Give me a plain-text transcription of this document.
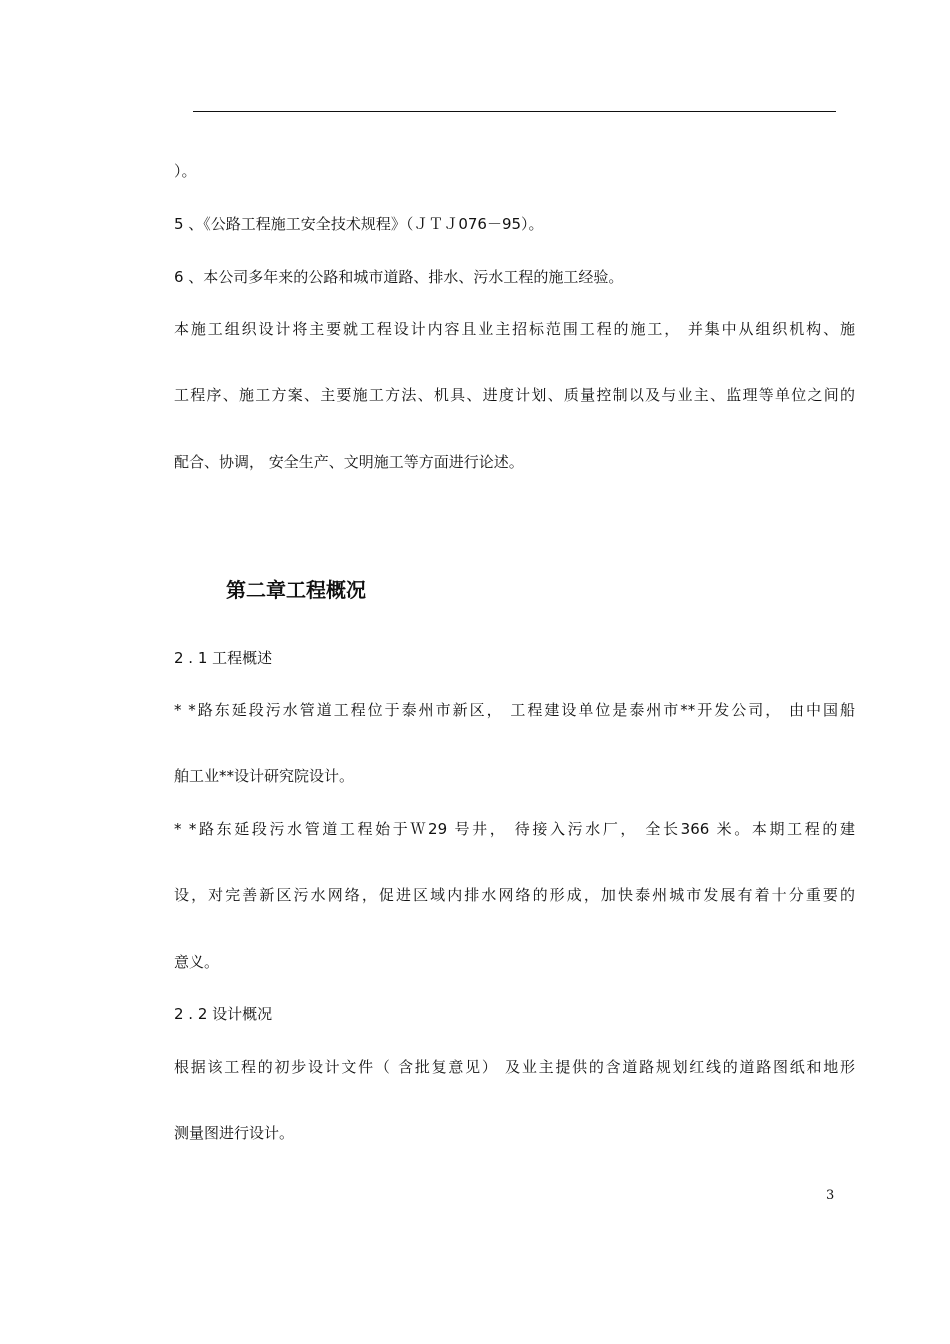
）。
5 、《公路工程施工安全技术规程》（ＪＴＪ076－95）。
6 、本公司多年来的公路和城市道路、排水、污水工程的施工经验。
本施工组织设计将主要就工程设计内容且业主招标范围工程的施工， 并集中从组织机构、施
工程序、施工方案、主要施工方法、机具、进度计划、质量控制以及与业主、监理等单位之间的
配合、协调， 安全生产、文明施工等方面进行论述。
第二章工程概况
2 . 1 工程概述
* *路东延段污水管道工程位于泰州市新区， 工程建设单位是泰州市**开发公司， 由中国船
舶工业**设计研究院设计。
* *路东延段污水管道工程始于Ｗ29 号井， 待接入污水厂， 全长366 米。本期工程的建
设，对完善新区污水网络，促进区域内排水网络的形成，加快泰州城市发展有着十分重要的
意义。
2 . 2 设计概况
根据该工程的初步设计文件（ 含批复意见） 及业主提供的含道路规划红线的道路图纸和地形
测量图进行设计。
3
